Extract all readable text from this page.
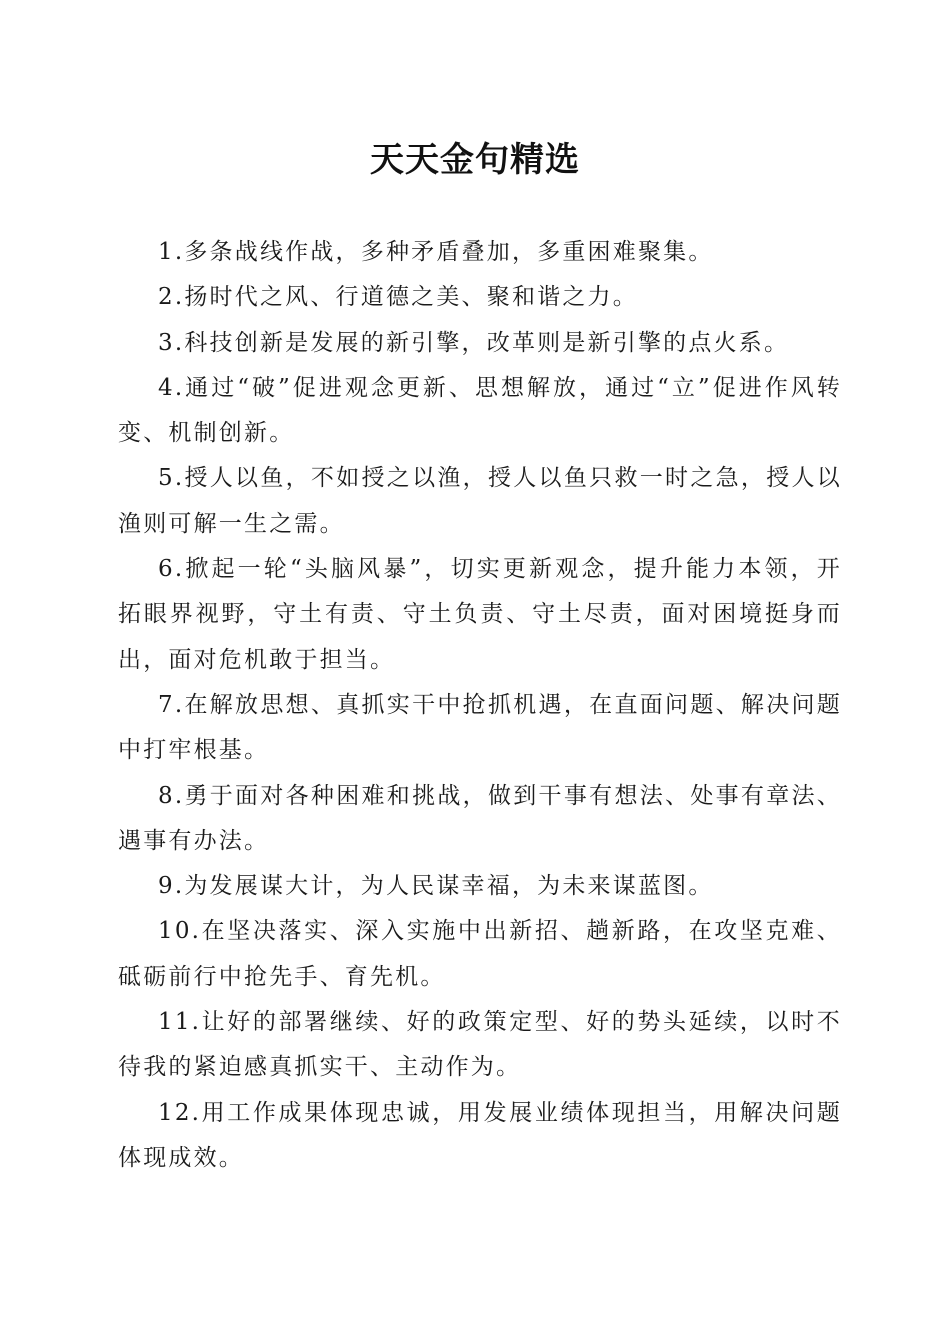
天天金句精选

1.多条战线作战，多种矛盾叠加，多重困难聚集。

2.扬时代之风、行道德之美、聚和谐之力。

3.科技创新是发展的新引擎，改革则是新引擎的点火系。

4.通过“破”促进观念更新、思想解放，通过“立”促进作风转变、机制创新。

5.授人以鱼，不如授之以渔，授人以鱼只救一时之急，授人以渔则可解一生之需。

6.掀起一轮“头脑风暴”，切实更新观念，提升能力本领，开拓眼界视野，守土有责、守土负责、守土尽责，面对困境挺身而出，面对危机敢于担当。

7.在解放思想、真抓实干中抢抓机遇，在直面问题、解决问题中打牢根基。

8.勇于面对各种困难和挑战，做到干事有想法、处事有章法、遇事有办法。

9.为发展谋大计，为人民谋幸福，为未来谋蓝图。

10.在坚决落实、深入实施中出新招、趟新路，在攻坚克难、砥砺前行中抢先手、育先机。

11.让好的部署继续、好的政策定型、好的势头延续，以时不待我的紧迫感真抓实干、主动作为。

12.用工作成果体现忠诚，用发展业绩体现担当，用解决问题体现成效。
